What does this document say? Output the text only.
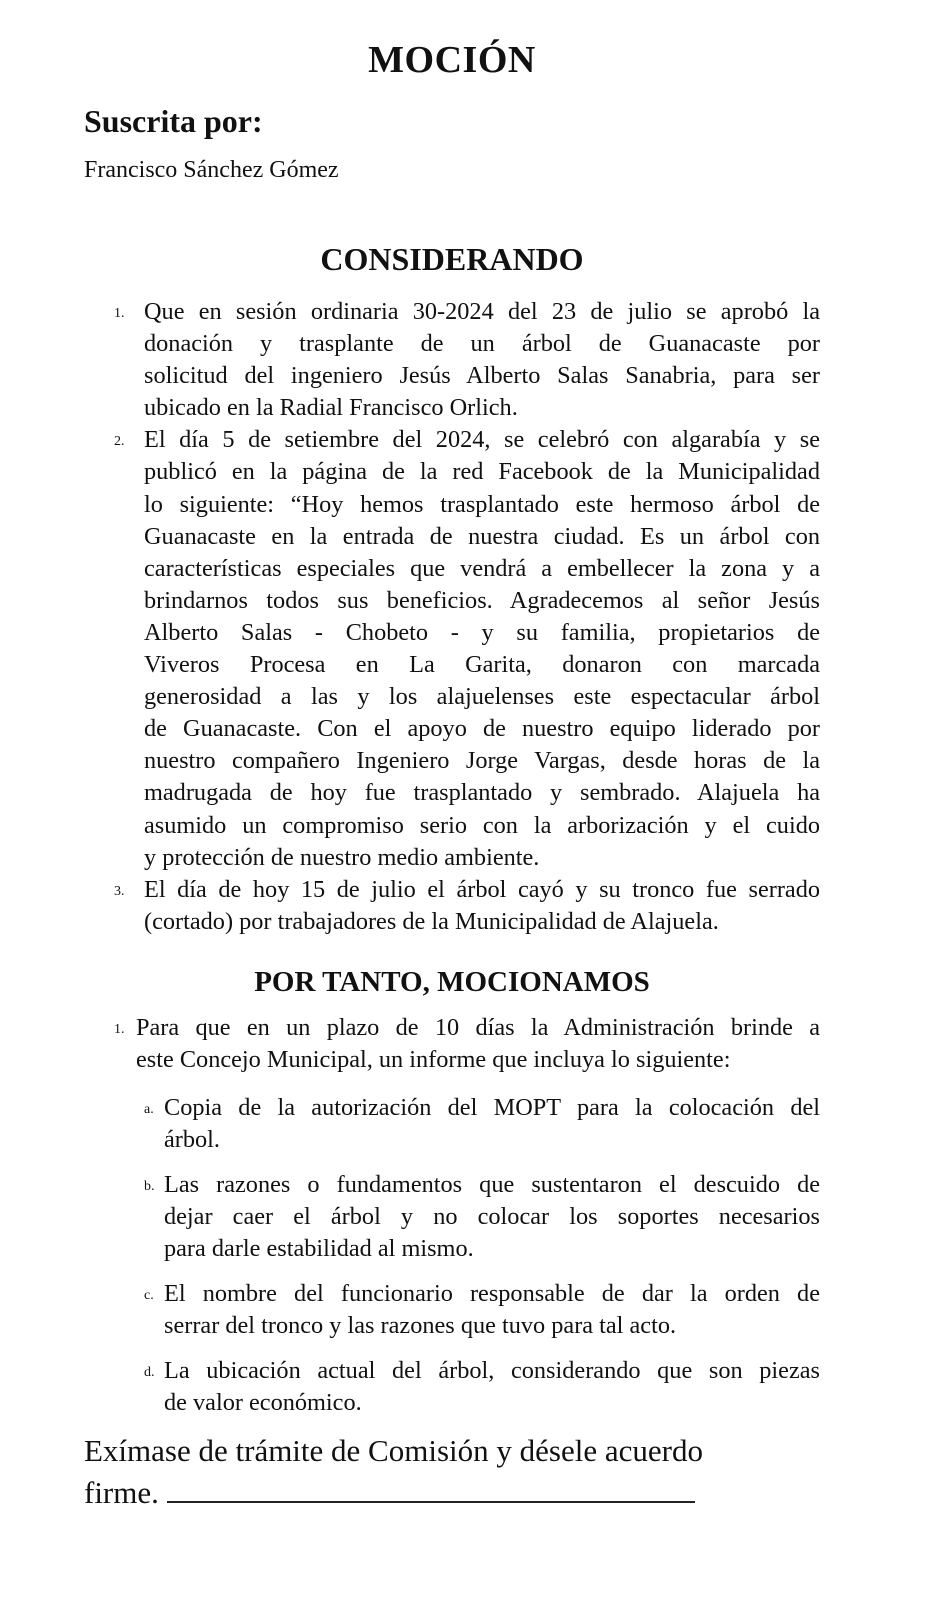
MOCIÓN
Suscrita por:
Francisco Sánchez Gómez
CONSIDERANDO
1. Que en sesión ordinaria 30-2024 del 23 de julio se aprobó la
donación y trasplante de un árbol de Guanacaste por
solicitud del ingeniero Jesús Alberto Salas Sanabria, para ser
ubicado en la Radial Francisco Orlich.
2. El día 5 de setiembre del 2024, se celebró con algarabía y se
publicó en la página de la red Facebook de la Municipalidad
lo siguiente: “Hoy hemos trasplantado este hermoso árbol de
Guanacaste en la entrada de nuestra ciudad. Es un árbol con
características especiales que vendrá a embellecer la zona y a
brindarnos todos sus beneficios. Agradecemos al señor Jesús
Alberto Salas - Chobeto - y su familia, propietarios de
Viveros Procesa en La Garita, donaron con marcada
generosidad a las y los alajuelenses este espectacular árbol
de Guanacaste. Con el apoyo de nuestro equipo liderado por
nuestro compañero Ingeniero Jorge Vargas, desde horas de la
madrugada de hoy fue trasplantado y sembrado. Alajuela ha
asumido un compromiso serio con la arborización y el cuido
y protección de nuestro medio ambiente.
3. El día de hoy 15 de julio el árbol cayó y su tronco fue serrado
(cortado) por trabajadores de la Municipalidad de Alajuela.
POR TANTO, MOCIONAMOS
1. Para que en un plazo de 10 días la Administración brinde a
este Concejo Municipal, un informe que incluya lo siguiente:
a. Copia de la autorización del MOPT para la colocación del
árbol.
b. Las razones o fundamentos que sustentaron el descuido de
dejar caer el árbol y no colocar los soportes necesarios
para darle estabilidad al mismo.
c. El nombre del funcionario responsable de dar la orden de
serrar del tronco y las razones que tuvo para tal acto.
d. La ubicación actual del árbol, considerando que son piezas
de valor económico.
Exímase de trámite de Comisión y désele acuerdo
firme.
